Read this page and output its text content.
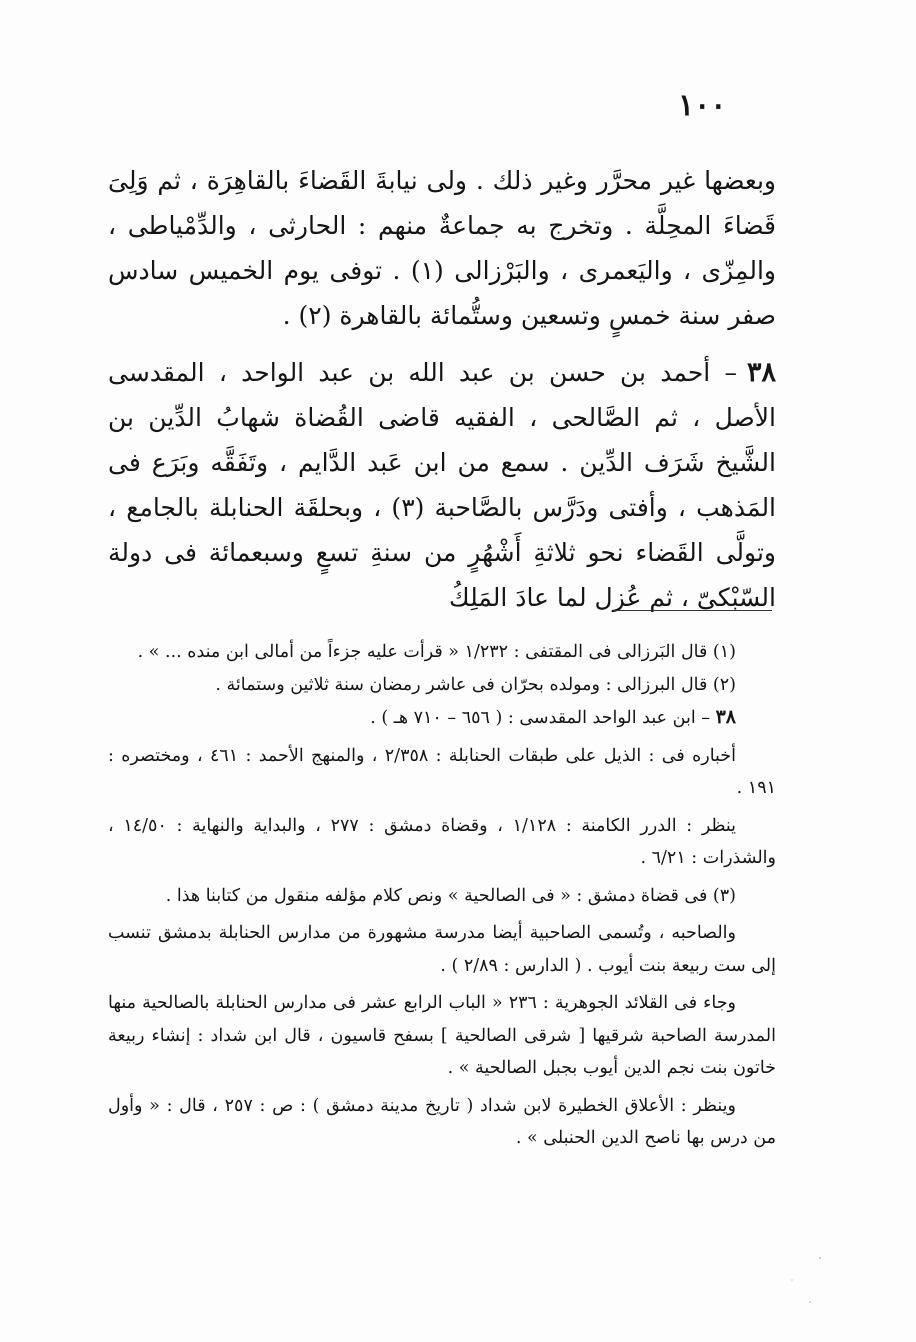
١٠٠

وبعضها غير محرَّر وغير ذلك . ولى نيابةَ القَضاءَ بالقاهِرَة ، ثم وَلِىَ قَضاءَ المحِلَّة . وتخرج به جماعةٌ منهم : الحارثى ، والدِّمْياطى ، والمِزّى ، واليَعمرى ، والبَرْزالى (١) . توفى يوم الخميس سادس صفر سنة خمسٍ وتسعين وستُّمائة بالقاهرة (٢) .

٣٨– أحمد بن حسن بن عبد الله بن عبد الواحد ، المقدسى الأصل ، ثم الصَّالحى ، الفقيه قاضى القُضاة شهابُ الدِّين بن الشَّيخ شَرَف الدِّين . سمع من ابن عَبد الدَّايم ، وتَفَقَّه وبَرَع فى المَذهب ، وأفتى ودَرَّس بالصَّاحبة (٣) ، وبحلقَة الحنابلة بالجامع ، وتولَّى القَضاء نحو ثلاثةِ أَشْهُرٍ من سنةِ تسعٍ وسبعمائة فى دولة السّبْكىّ ، ثم عُزل لما عادَ المَلِكُ

(١) قال البَرزالى فى المقتفى : ١/٢٣٢ « قرأت عليه جزءاً من أمالى ابن منده ... » .

(٢) قال البرزالى : ومولده بحرّان فى عاشر رمضان سنة ثلاثين وستمائة .

٣٨ – ابن عبد الواحد المقدسى : ( ٦٥٦ – ٧١٠ هـ ) .

أخباره فى : الذيل على طبقات الحنابلة : ٢/٣٥٨ ، والمنهج الأحمد : ٤٦١ ، ومختصره : ١٩١ .

ينظر : الدرر الكامنة : ١/١٢٨ ، وقضاة دمشق : ٢٧٧ ، والبداية والنهاية : ١٤/٥٠ ، والشذرات : ٦/٢١ .

(٣) فى قضاة دمشق : « فى الصالحية » ونص كلام مؤلفه منقول من كتابنا هذا .

والصاحبه ، وتُسمى الصاحبية أيضا مدرسة مشهورة من مدارس الحنابلة بدمشق تنسب إلى ست ربيعة بنت أيوب . ( الدارس : ٢/٨٩ ) .

وجاء فى القلائد الجوهرية : ٢٣٦ « الباب الرابع عشر فى مدارس الحنابلة بالصالحية منها المدرسة الصاحبة شرقيها [ شرقى الصالحية ] بسفح قاسيون ، قال ابن شداد : إنشاء ربيعة خاتون بنت نجم الدين أيوب بجبل الصالحية » .

وينظر : الأعلاق الخطيرة لابن شداد ( تاريخ مدينة دمشق ) : ص : ٢٥٧ ، قال : « وأول من درس بها ناصح الدين الحنبلى » .
